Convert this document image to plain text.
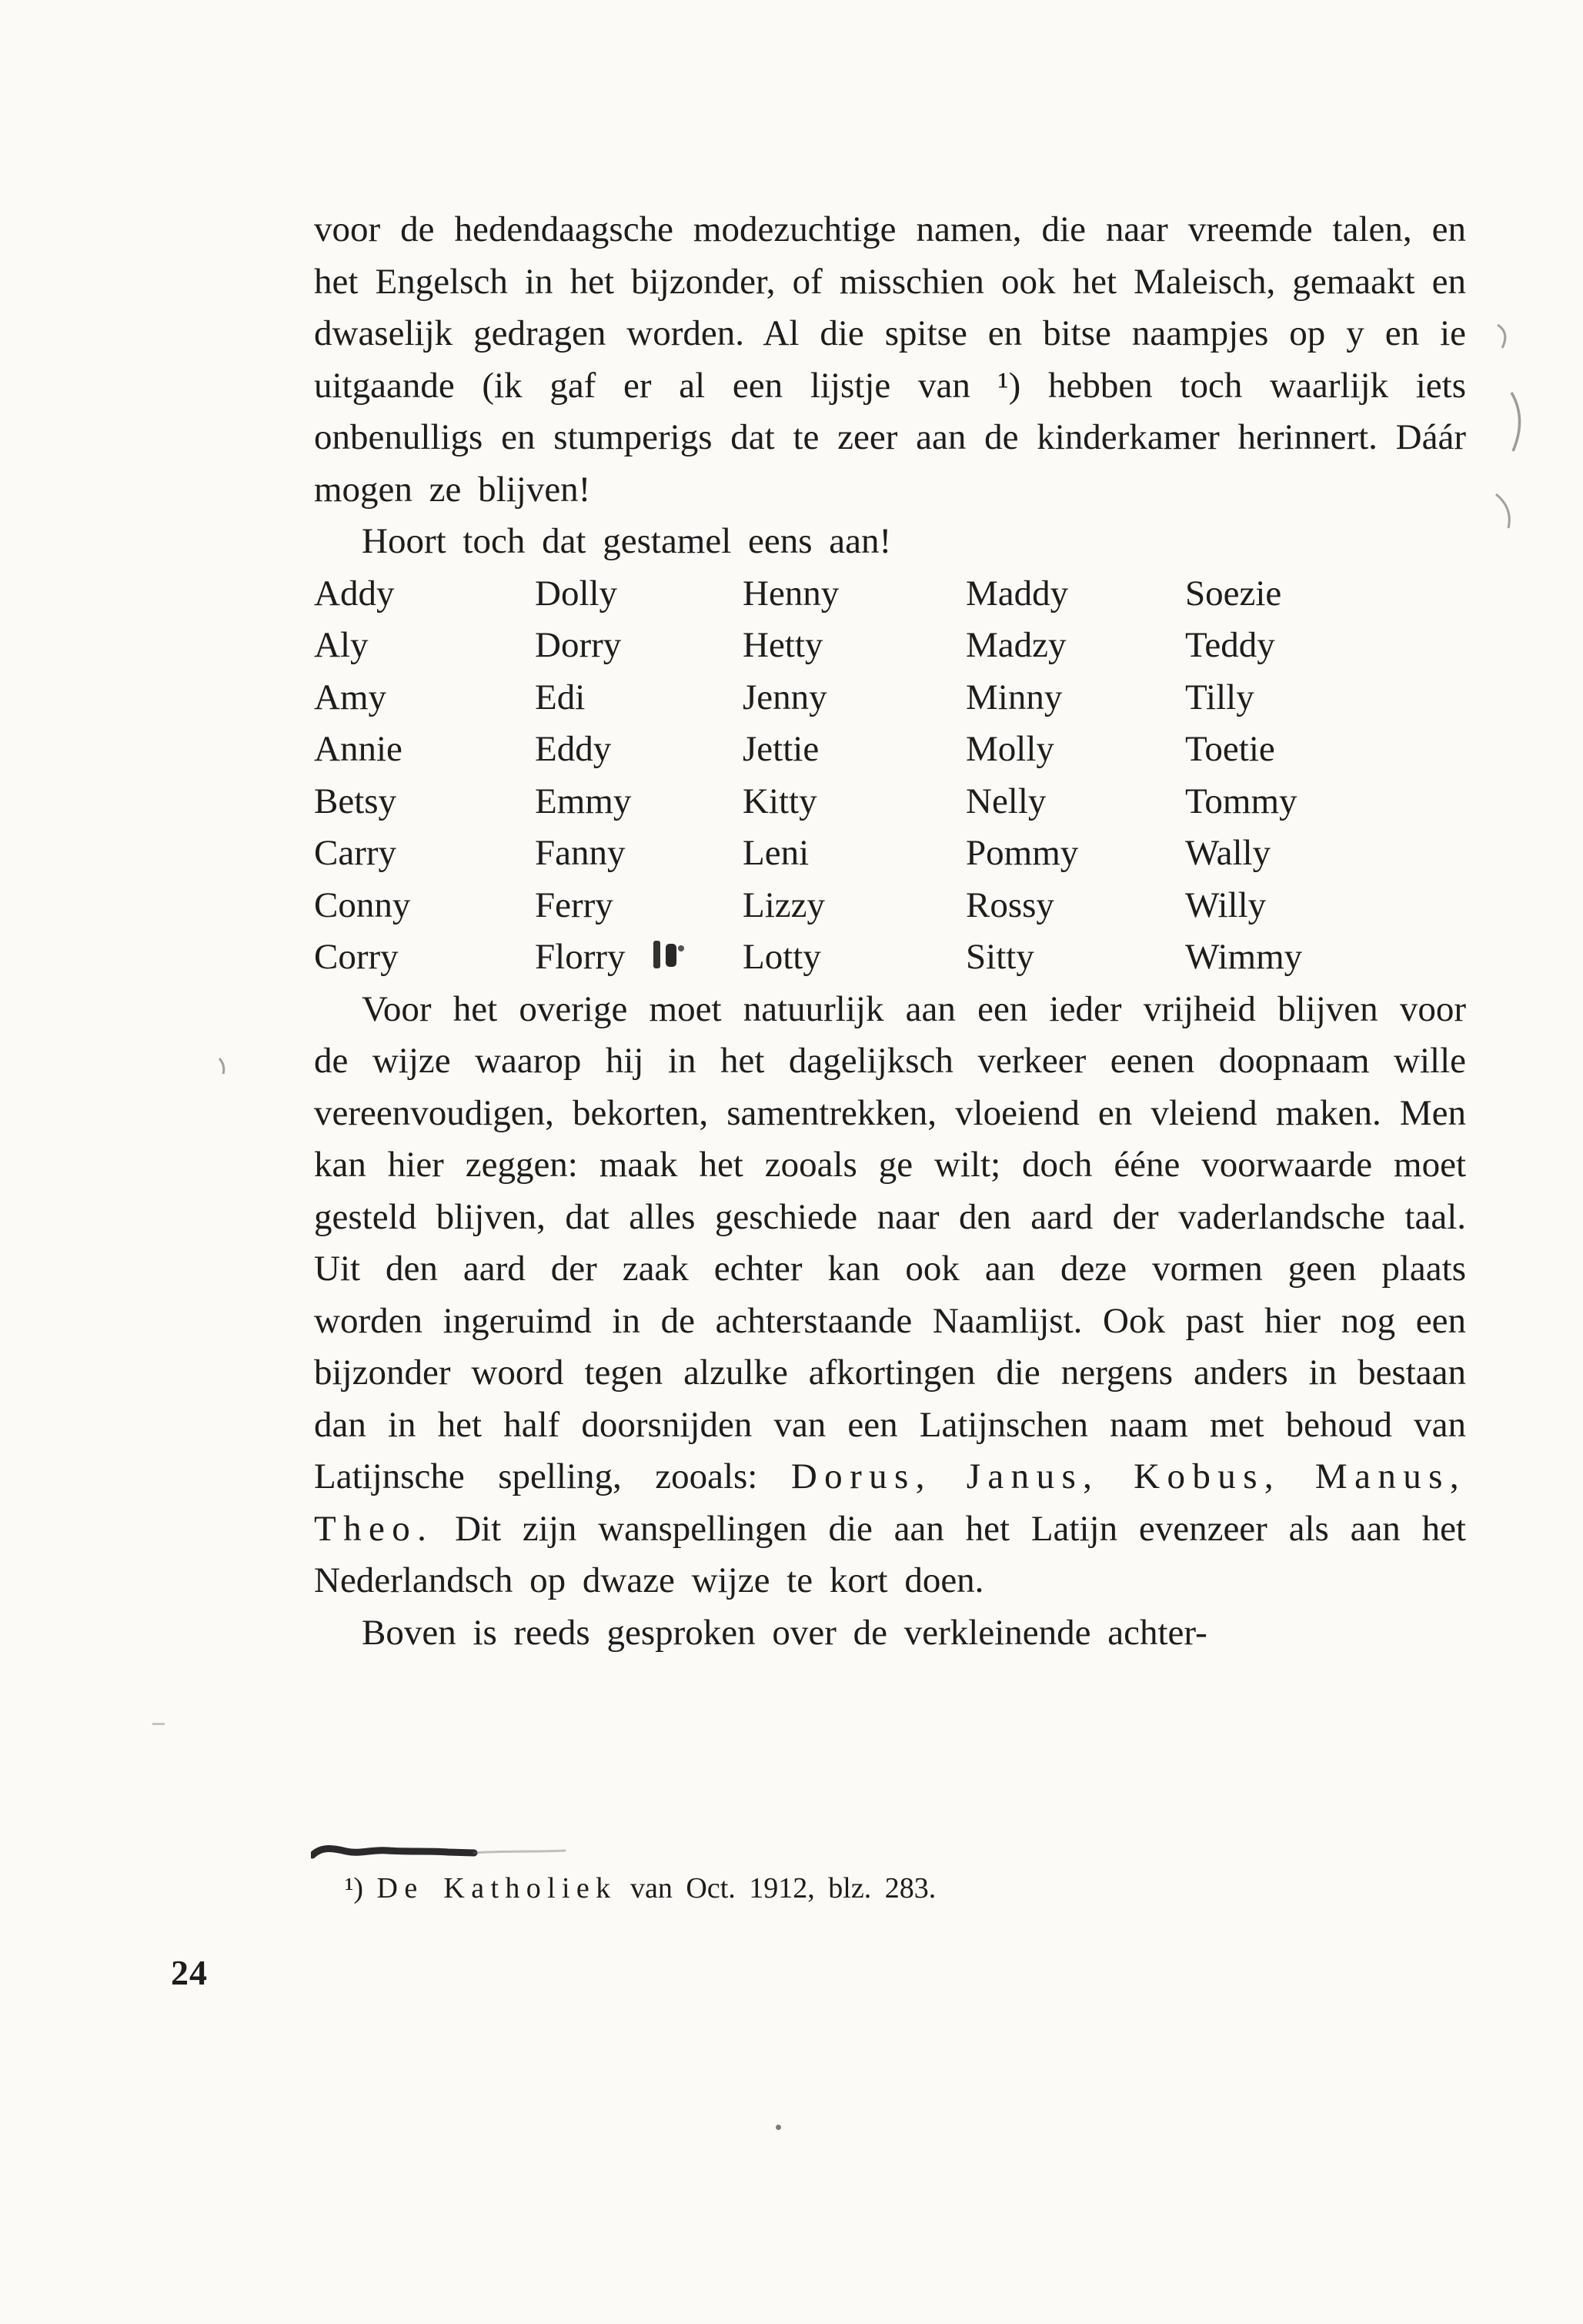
voor de hedendaagsche modezuchtige namen, die naar vreemde talen, en het Engelsch in het bijzonder, of misschien ook het Maleisch, gemaakt en dwaselijk gedragen worden. Al die spitse en bitse naampjes op y en ie uitgaande (ik gaf er al een lijstje van ¹) hebben toch waarlijk iets onbenulligs en stumperigs dat te zeer aan de kinderkamer herinnert. Dáár mogen ze blijven!

Hoort toch dat gestamel eens aan!

Addy	Dolly	Henny	Maddy	Soezie
Aly	Dorry	Hetty	Madzy	Teddy
Amy	Edi	Jenny	Minny	Tilly
Annie	Eddy	Jettie	Molly	Toetie
Betsy	Emmy	Kitty	Nelly	Tommy
Carry	Fanny	Leni	Pommy	Wally
Conny	Ferry	Lizzy	Rossy	Willy
Corry	Florry	Lotty	Sitty	Wimmy

Voor het overige moet natuurlijk aan een ieder vrijheid blijven voor de wijze waarop hij in het dagelijksch verkeer eenen doopnaam wille vereenvoudigen, bekorten, samentrekken, vloeiend en vleiend maken. Men kan hier zeggen: maak het zooals ge wilt; doch ééne voorwaarde moet gesteld blijven, dat alles geschiede naar den aard der vaderlandsche taal. Uit den aard der zaak echter kan ook aan deze vormen geen plaats worden ingeruimd in de achterstaande Naamlijst. Ook past hier nog een bijzonder woord tegen alzulke afkortingen die nergens anders in bestaan dan in het half doorsnijden van een Latijnschen naam met behoud van Latijnsche spelling, zooals: Dorus, Janus, Kobus, Manus, Theo. Dit zijn wanspellingen die aan het Latijn evenzeer als aan het Nederlandsch op dwaze wijze te kort doen.

Boven is reeds gesproken over de verkleinende achter-

¹) De Katholiek van Oct. 1912, blz. 283.

24
